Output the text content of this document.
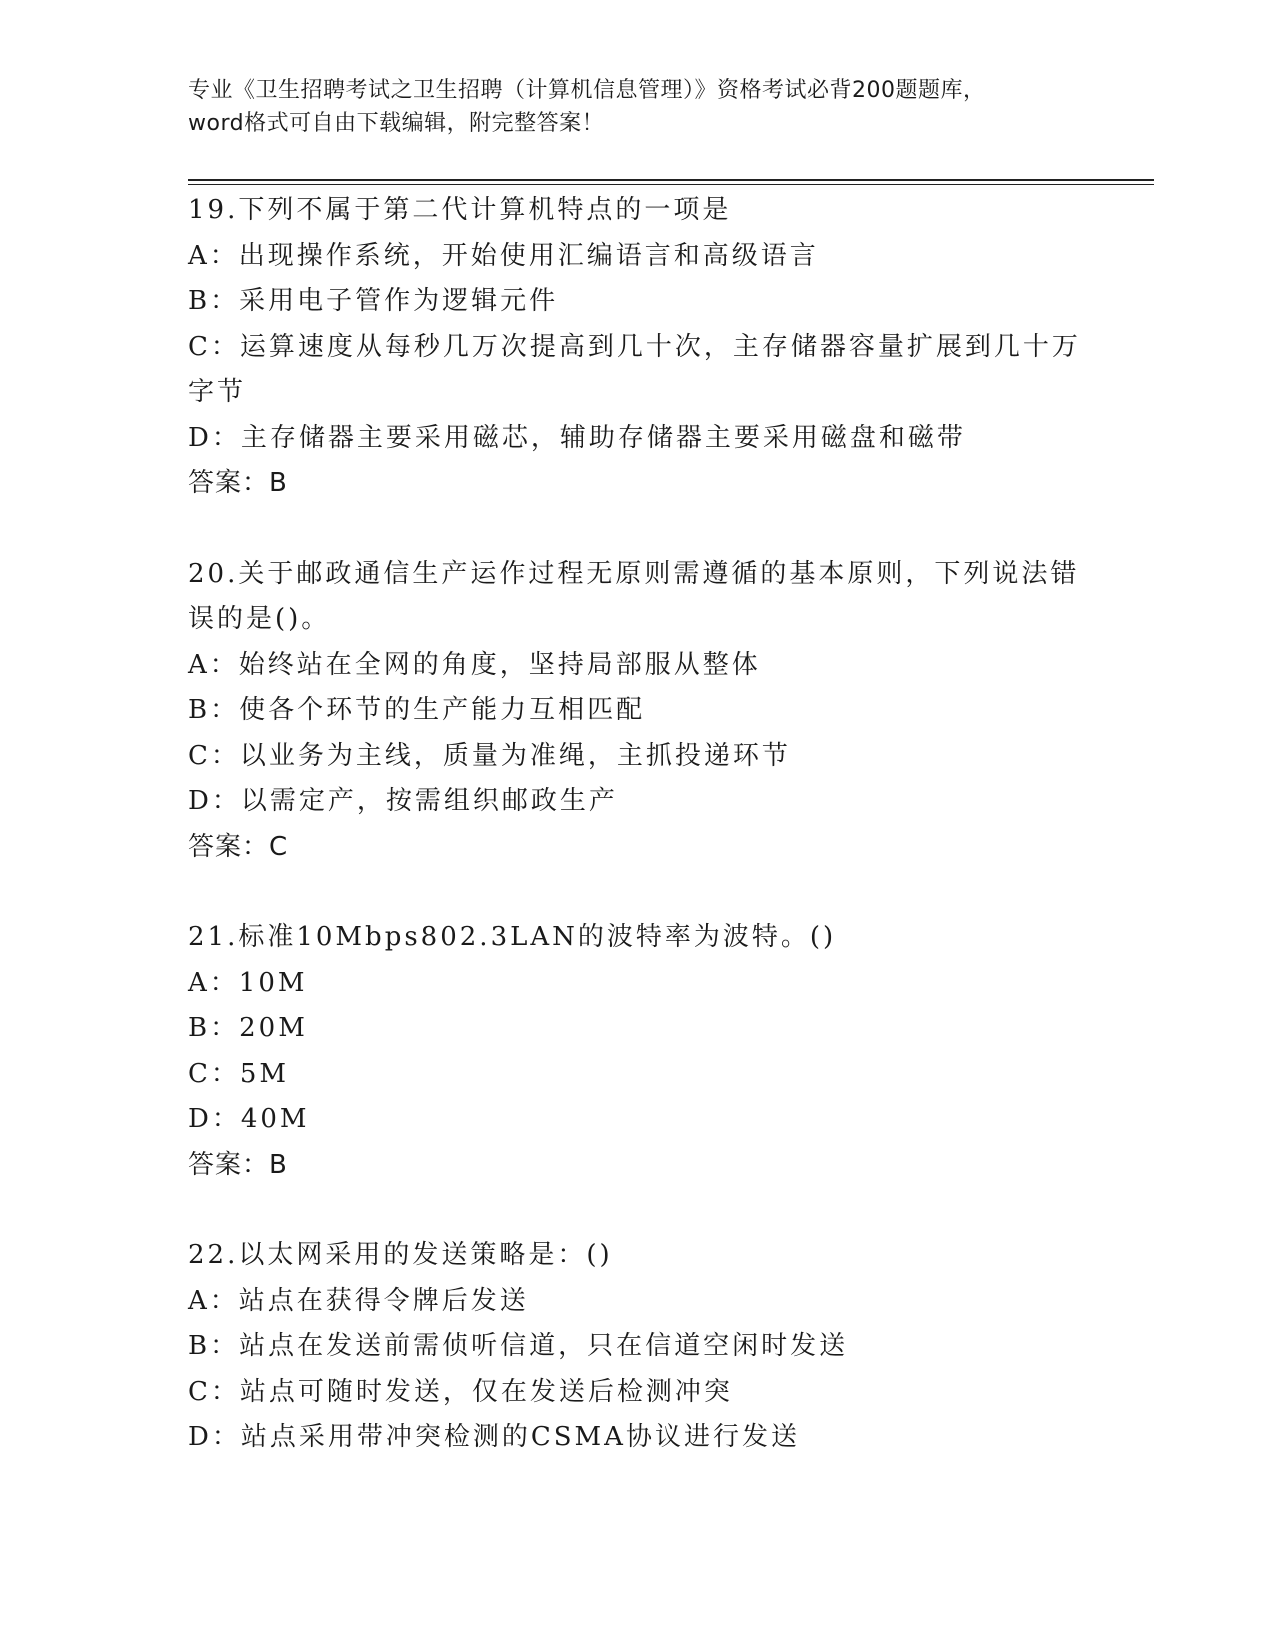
专业《卫生招聘考试之卫生招聘（计算机信息管理）》资格考试必背200题题库，
word格式可自由下载编辑，附完整答案！
19.下列不属于第二代计算机特点的一项是
A：出现操作系统，开始使用汇编语言和高级语言
B：采用电子管作为逻辑元件
C：运算速度从每秒几万次提高到几十次，主存储器容量扩展到几十万字节
D：主存储器主要采用磁芯，辅助存储器主要采用磁盘和磁带
答案：B
20.关于邮政通信生产运作过程无原则需遵循的基本原则，下列说法错误的是()。
A：始终站在全网的角度，坚持局部服从整体
B：使各个环节的生产能力互相匹配
C：以业务为主线，质量为准绳，主抓投递环节
D：以需定产，按需组织邮政生产
答案：C
21.标准10Mbps802.3LAN的波特率为波特。()
A：10M
B：20M
C：5M
D：40M
答案：B
22.以太网采用的发送策略是：()
A：站点在获得令牌后发送
B：站点在发送前需侦听信道，只在信道空闲时发送
C：站点可随时发送，仅在发送后检测冲突
D：站点采用带冲突检测的CSMA协议进行发送
